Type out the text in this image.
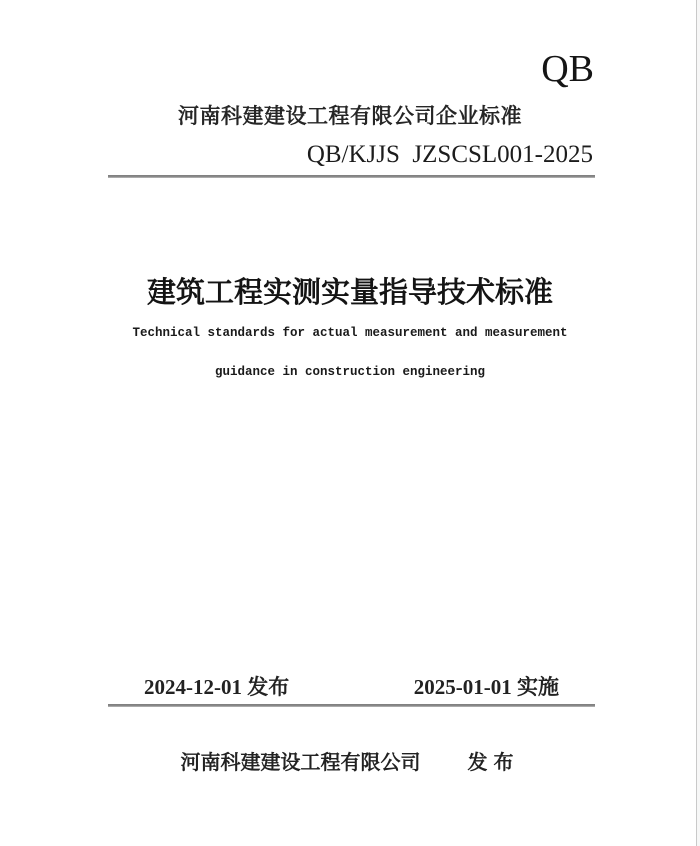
QB
河南科建建设工程有限公司企业标准
QB/KJJS  JZSCSL001-2025
建筑工程实测实量指导技术标准
Technical standards for actual measurement and measurement
guidance in construction engineering
2024-12-01 发布	2025-01-01 实施
河南科建建设工程有限公司 发布
